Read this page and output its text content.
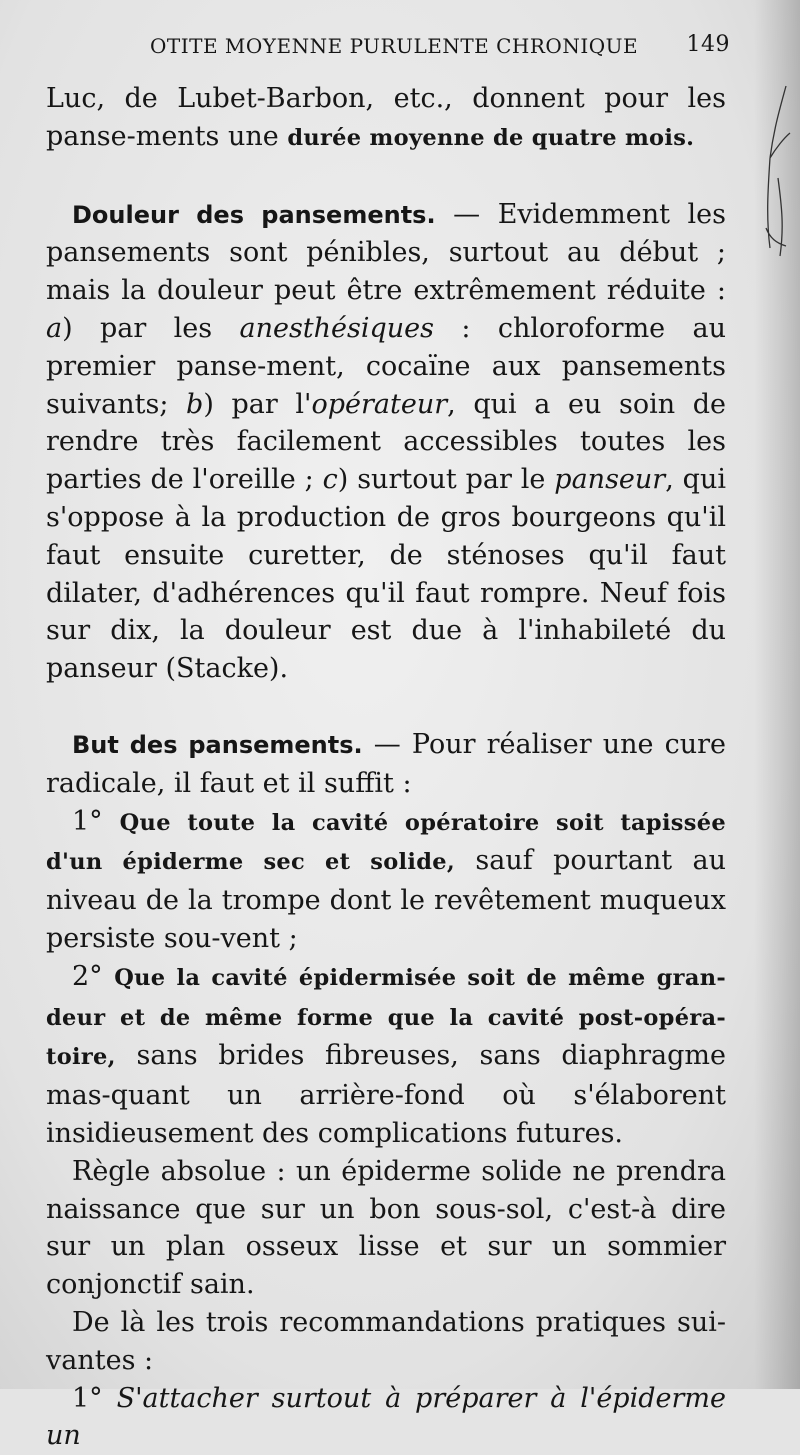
OTITE MOYENNE PURULENTE CHRONIQUE 149

Luc, de Lubet-Barbon, etc., donnent pour les panse-ments une durée moyenne de quatre mois.

Douleur des pansements. — Evidemment les pansements sont pénibles, surtout au début ; mais la douleur peut être extrêmement réduite : a) par les anesthésiques : chloroforme au premier panse-ment, cocaïne aux pansements suivants; b) par l'opérateur, qui a eu soin de rendre très facilement accessibles toutes les parties de l'oreille ; c) surtout par le panseur, qui s'oppose à la production de gros bourgeons qu'il faut ensuite curetter, de sténoses qu'il faut dilater, d'adhérences qu'il faut rompre. Neuf fois sur dix, la douleur est due à l'inhabileté du panseur (Stacke).

But des pansements. — Pour réaliser une cure radicale, il faut et il suffit :

1° Que toute la cavité opératoire soit tapissée d'un épiderme sec et solide, sauf pourtant au niveau de la trompe dont le revêtement muqueux persiste sou-vent ;

2° Que la cavité épidermisée soit de même gran-deur et de même forme que la cavité post-opéra-toire, sans brides fibreuses, sans diaphragme mas-quant un arrière-fond où s'élaborent insidieusement des complications futures.

Règle absolue : un épiderme solide ne prendra naissance que sur un bon sous-sol, c'est-à dire sur un plan osseux lisse et sur un sommier conjonctif sain.

De là les trois recommandations pratiques sui-vantes :

1° S'attacher surtout à préparer à l'épiderme un
